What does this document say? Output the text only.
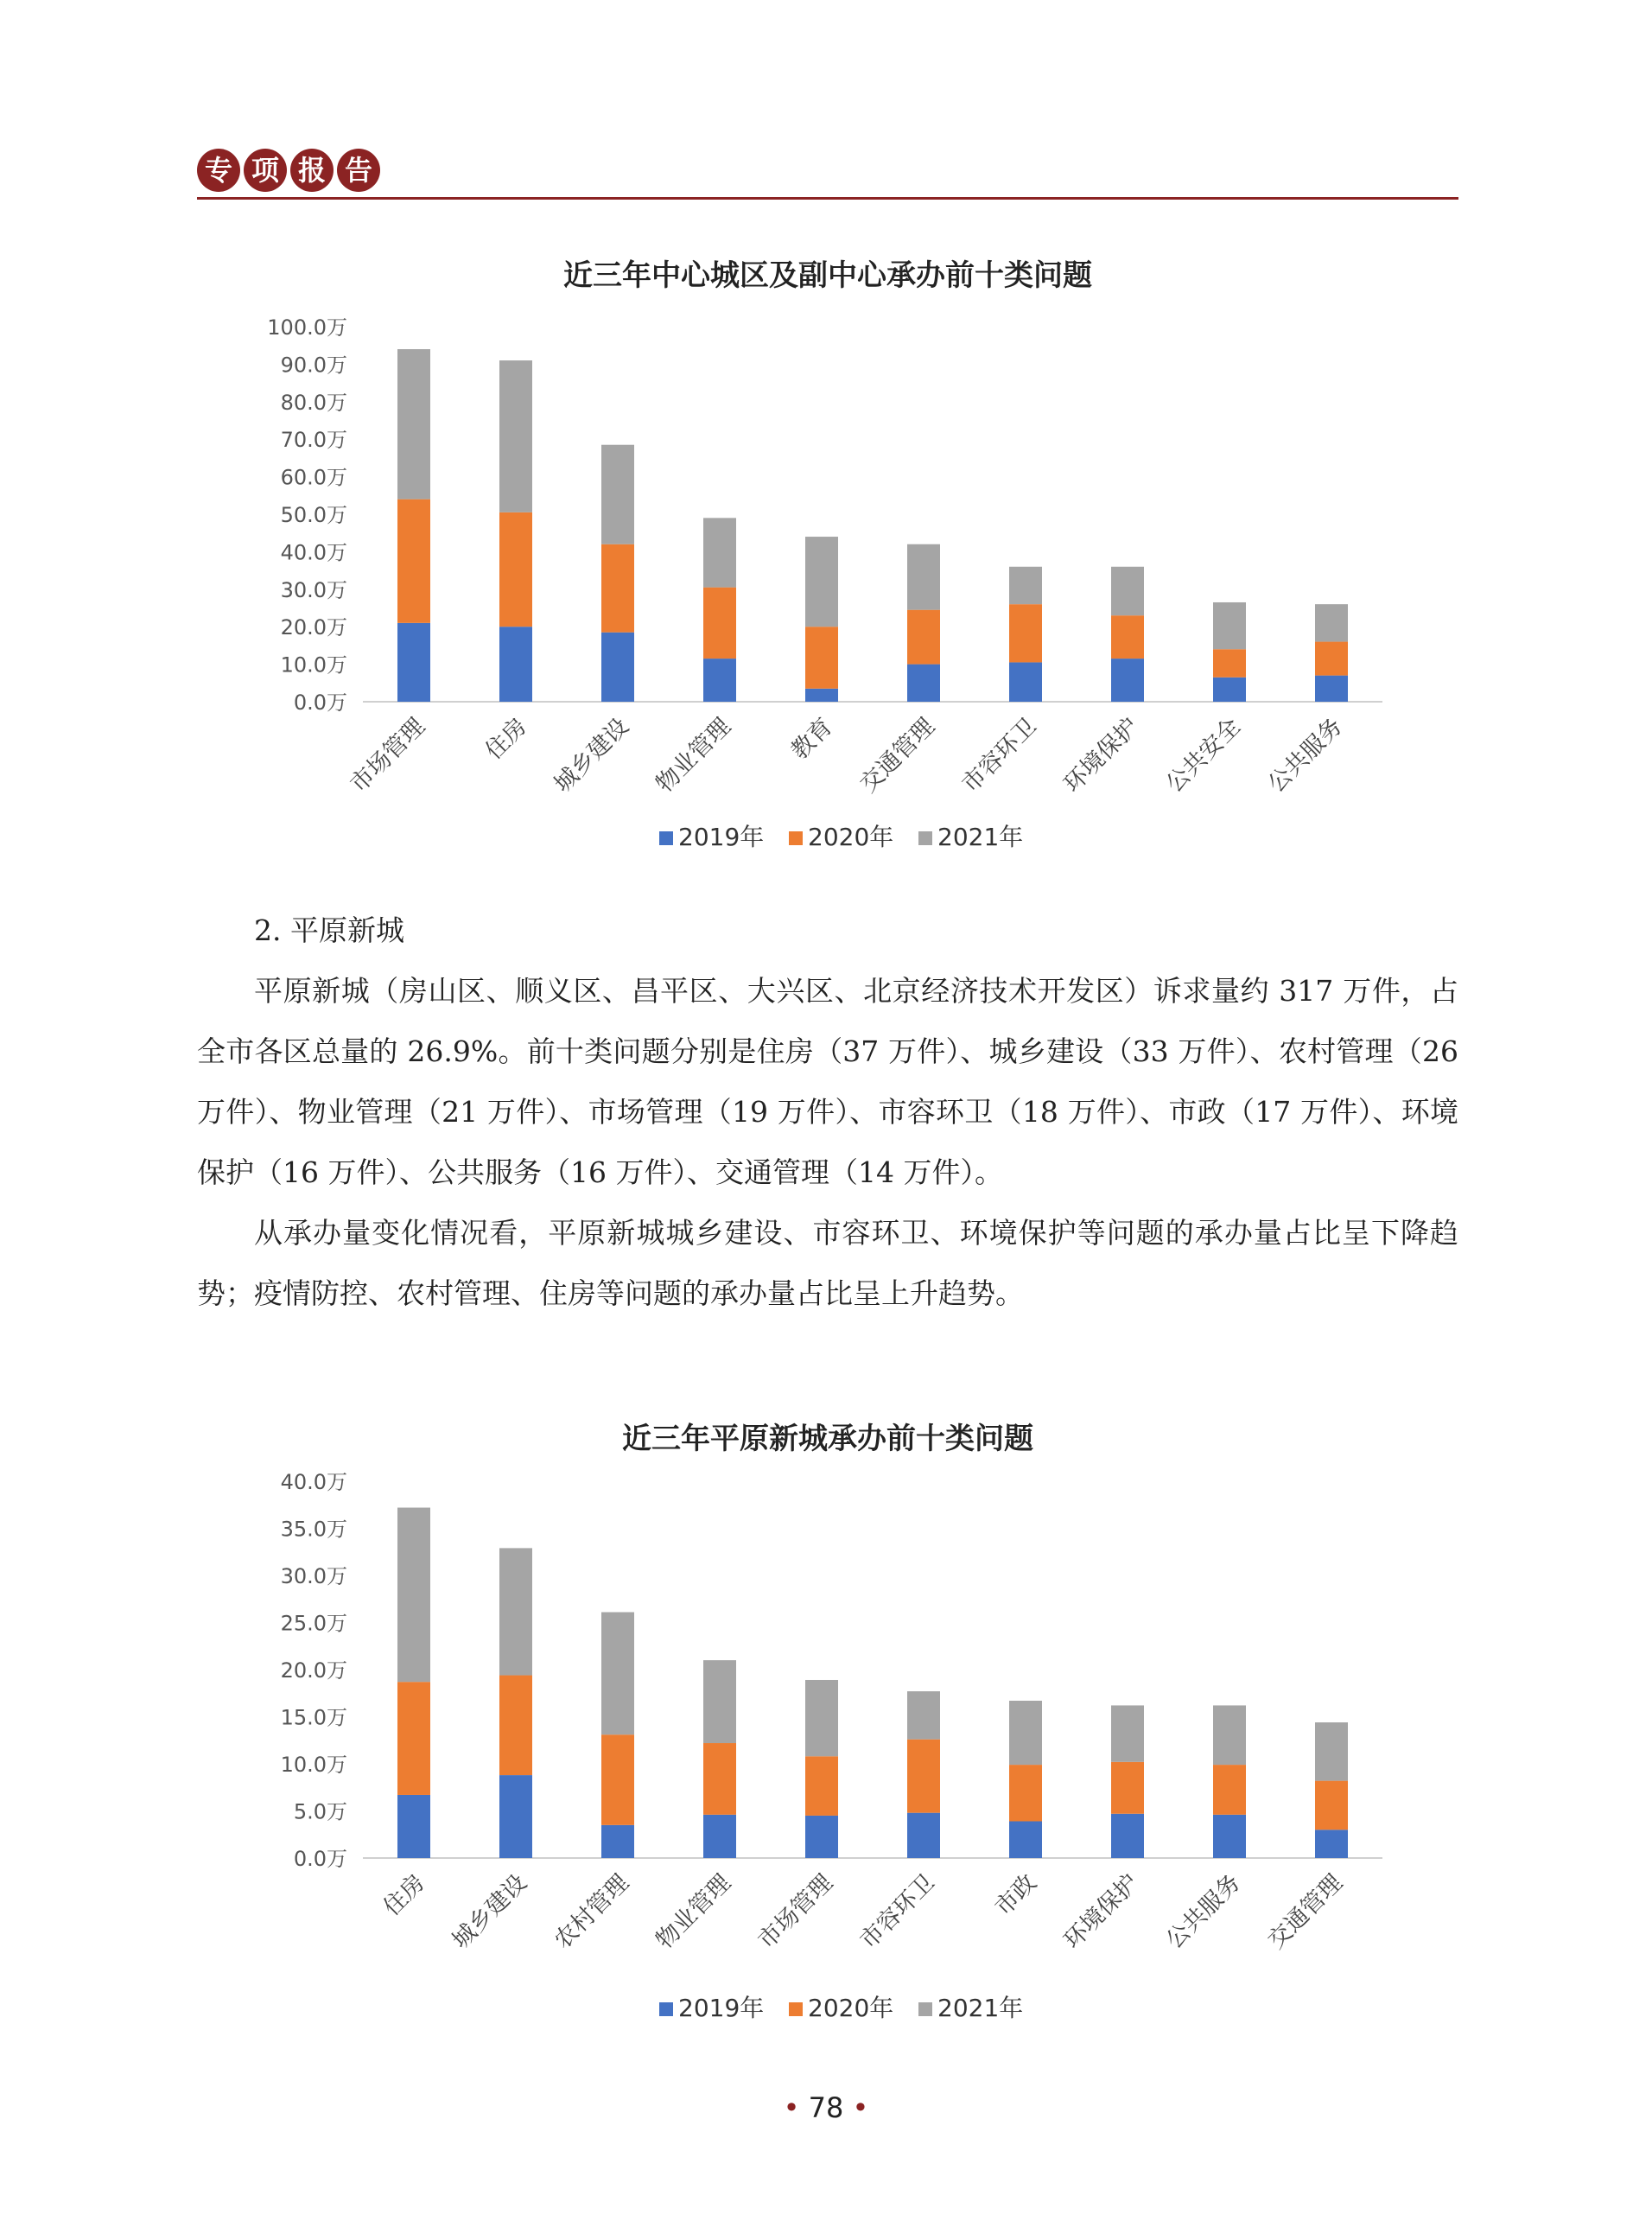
专 项 报 告
近三年中心城区及副中心承办前十类问题
0.0万
10.0万
20.0万
30.0万
40.0万
50.0万
60.0万
70.0万
80.0万
90.0万
100.0万
市场管理 住房 城乡建设 物业管理 教育 交通管理 市容环卫 环境保护 公共安全 公共服务
2019年 2020年 2021年
2. 平原新城

平原新城（房山区、顺义区、昌平区、大兴区、北京经济技术开发区）诉求量约 317 万件，占全市各区总量的 26.9%。前十类问题分别是住房（37 万件）、城乡建设（33 万件）、农村管理（26 万件）、物业管理（21 万件）、市场管理（19 万件）、市容环卫（18 万件）、市政（17 万件）、环境保护（16 万件）、公共服务（16 万件）、交通管理（14 万件）。

从承办量变化情况看，平原新城城乡建设、市容环卫、环境保护等问题的承办量占比呈下降趋势；疫情防控、农村管理、住房等问题的承办量占比呈上升趋势。

近三年平原新城承办前十类问题
0.0万
5.0万
10.0万
15.0万
20.0万
25.0万
30.0万
35.0万
40.0万
住房 城乡建设 农村管理 物业管理 市场管理 市容环卫 市政 环境保护 公共服务 交通管理
2019年 2020年 2021年
• 78 •
